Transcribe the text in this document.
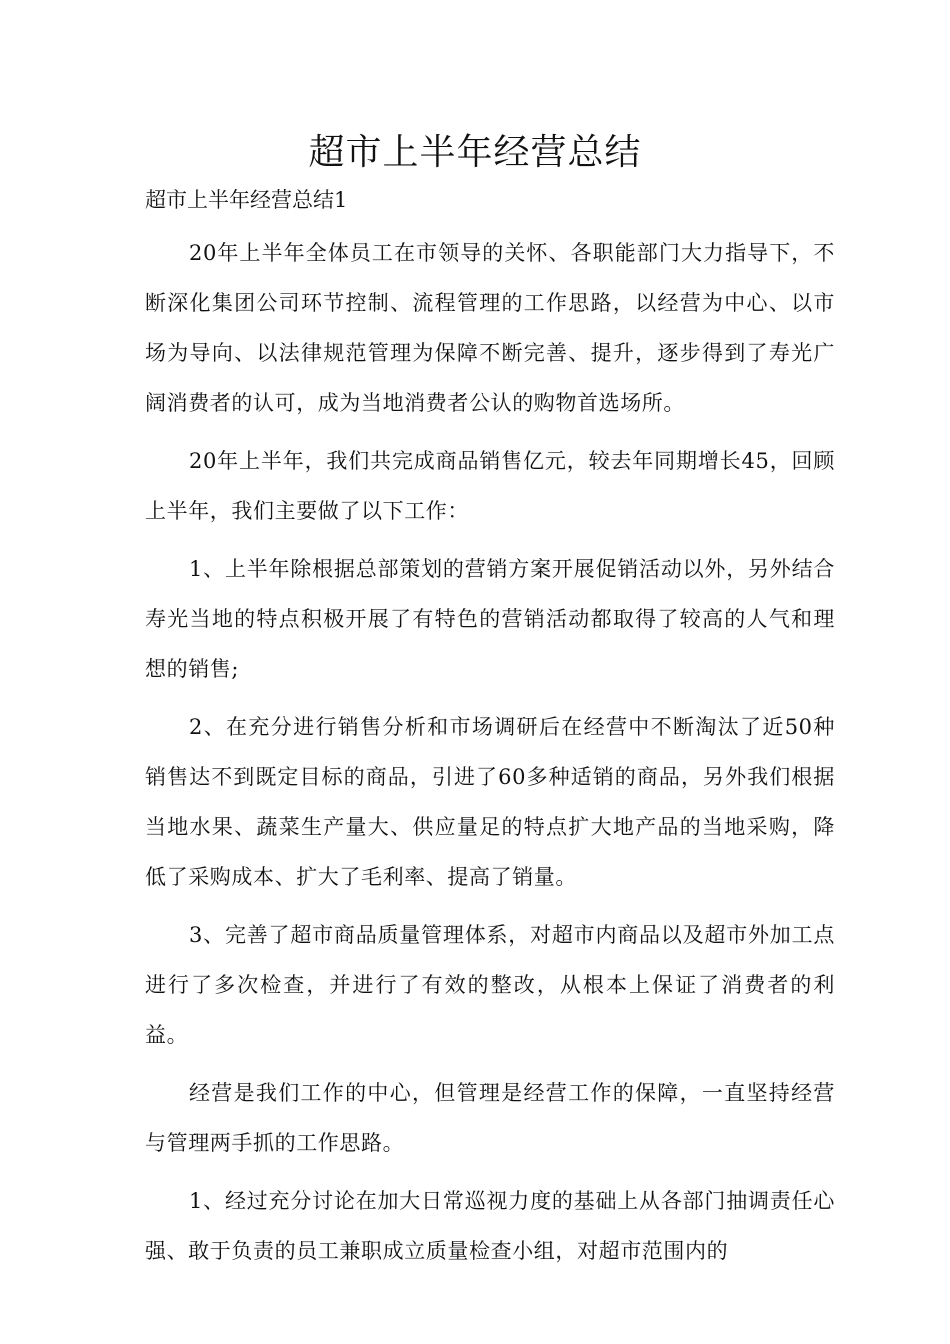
超市上半年经营总结

超市上半年经营总结1

20年上半年全体员工在市领导的关怀、各职能部门大力指导下，不断深化集团公司环节控制、流程管理的工作思路，以经营为中心、以市场为导向、以法律规范管理为保障不断完善、提升，逐步得到了寿光广阔消费者的认可，成为当地消费者公认的购物首选场所。

20年上半年，我们共完成商品销售亿元，较去年同期增长45，回顾上半年，我们主要做了以下工作：

1、上半年除根据总部策划的营销方案开展促销活动以外，另外结合寿光当地的特点积极开展了有特色的营销活动都取得了较高的人气和理想的销售;

2、在充分进行销售分析和市场调研后在经营中不断淘汰了近50种销售达不到既定目标的商品，引进了60多种适销的商品，另外我们根据当地水果、蔬菜生产量大、供应量足的特点扩大地产品的当地采购，降低了采购成本、扩大了毛利率、提高了销量。

3、完善了超市商品质量管理体系，对超市内商品以及超市外加工点进行了多次检查，并进行了有效的整改，从根本上保证了消费者的利益。

经营是我们工作的中心，但管理是经营工作的保障，一直坚持经营与管理两手抓的工作思路。

1、经过充分讨论在加大日常巡视力度的基础上从各部门抽调责任心强、敢于负责的员工兼职成立质量检查小组，对超市范围内的
